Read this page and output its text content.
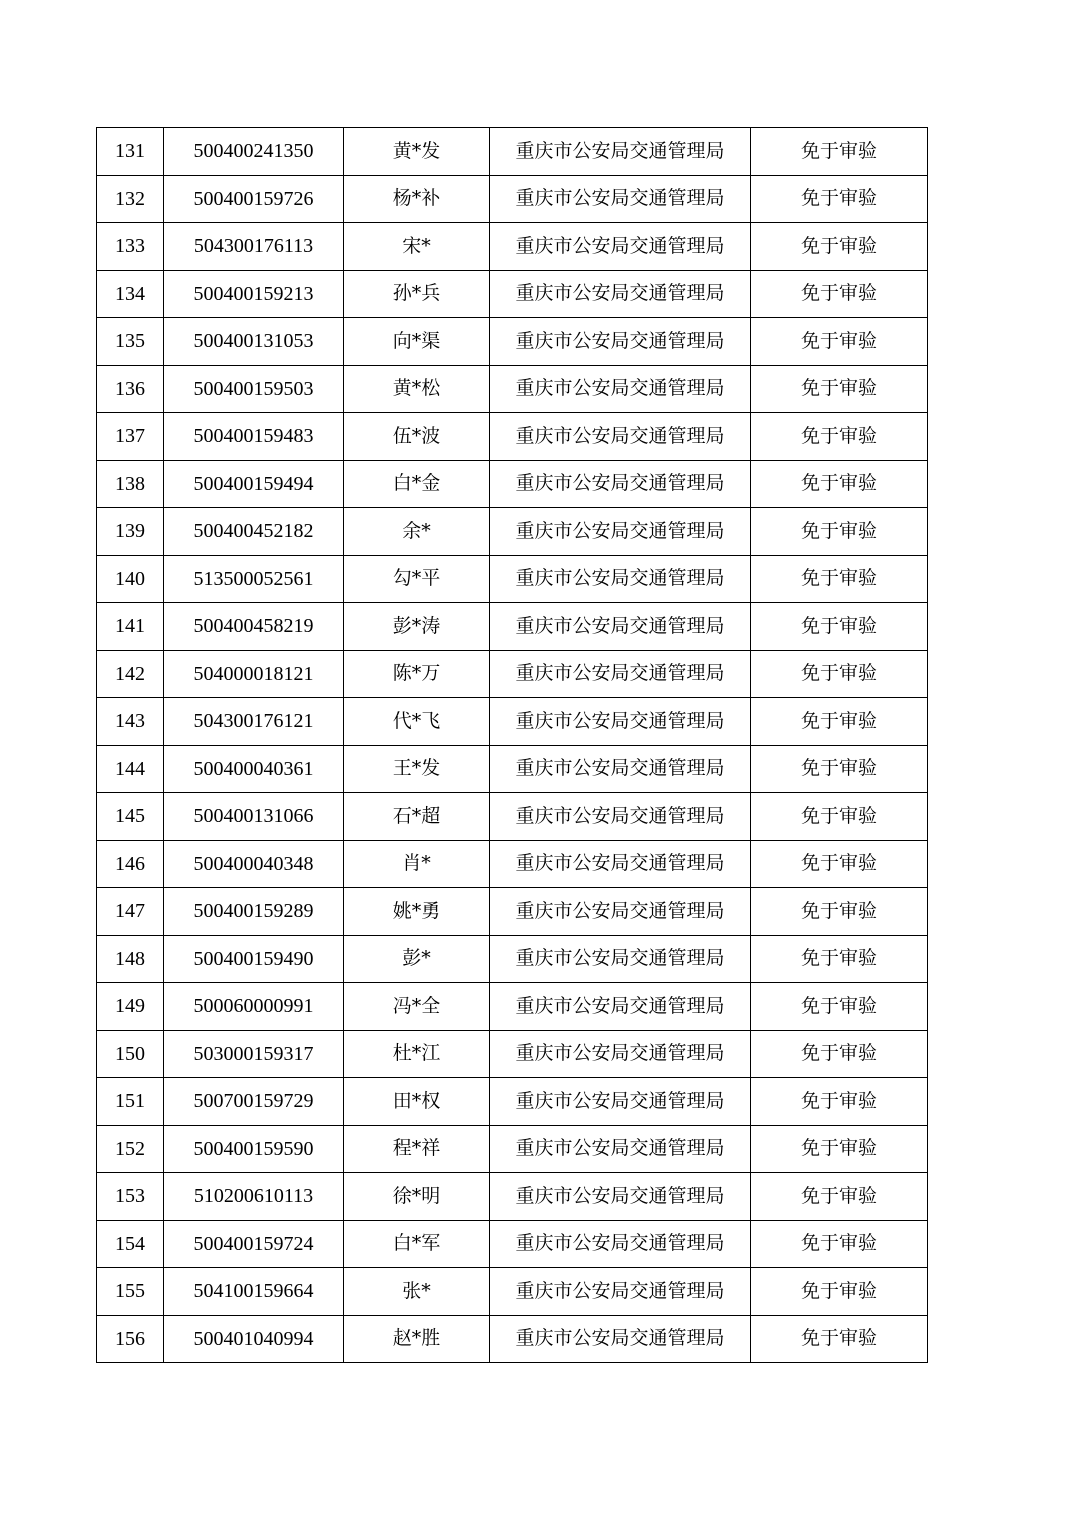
131	500400241350	黄*发	重庆市公安局交通管理局	免于审验
132	500400159726	杨*补	重庆市公安局交通管理局	免于审验
133	504300176113	宋*	重庆市公安局交通管理局	免于审验
134	500400159213	孙*兵	重庆市公安局交通管理局	免于审验
135	500400131053	向*渠	重庆市公安局交通管理局	免于审验
136	500400159503	黄*松	重庆市公安局交通管理局	免于审验
137	500400159483	伍*波	重庆市公安局交通管理局	免于审验
138	500400159494	白*金	重庆市公安局交通管理局	免于审验
139	500400452182	余*	重庆市公安局交通管理局	免于审验
140	513500052561	勾*平	重庆市公安局交通管理局	免于审验
141	500400458219	彭*涛	重庆市公安局交通管理局	免于审验
142	504000018121	陈*万	重庆市公安局交通管理局	免于审验
143	504300176121	代*飞	重庆市公安局交通管理局	免于审验
144	500400040361	王*发	重庆市公安局交通管理局	免于审验
145	500400131066	石*超	重庆市公安局交通管理局	免于审验
146	500400040348	肖*	重庆市公安局交通管理局	免于审验
147	500400159289	姚*勇	重庆市公安局交通管理局	免于审验
148	500400159490	彭*	重庆市公安局交通管理局	免于审验
149	500060000991	冯*全	重庆市公安局交通管理局	免于审验
150	503000159317	杜*江	重庆市公安局交通管理局	免于审验
151	500700159729	田*权	重庆市公安局交通管理局	免于审验
152	500400159590	程*祥	重庆市公安局交通管理局	免于审验
153	510200610113	徐*明	重庆市公安局交通管理局	免于审验
154	500400159724	白*军	重庆市公安局交通管理局	免于审验
155	504100159664	张*	重庆市公安局交通管理局	免于审验
156	500401040994	赵*胜	重庆市公安局交通管理局	免于审验
